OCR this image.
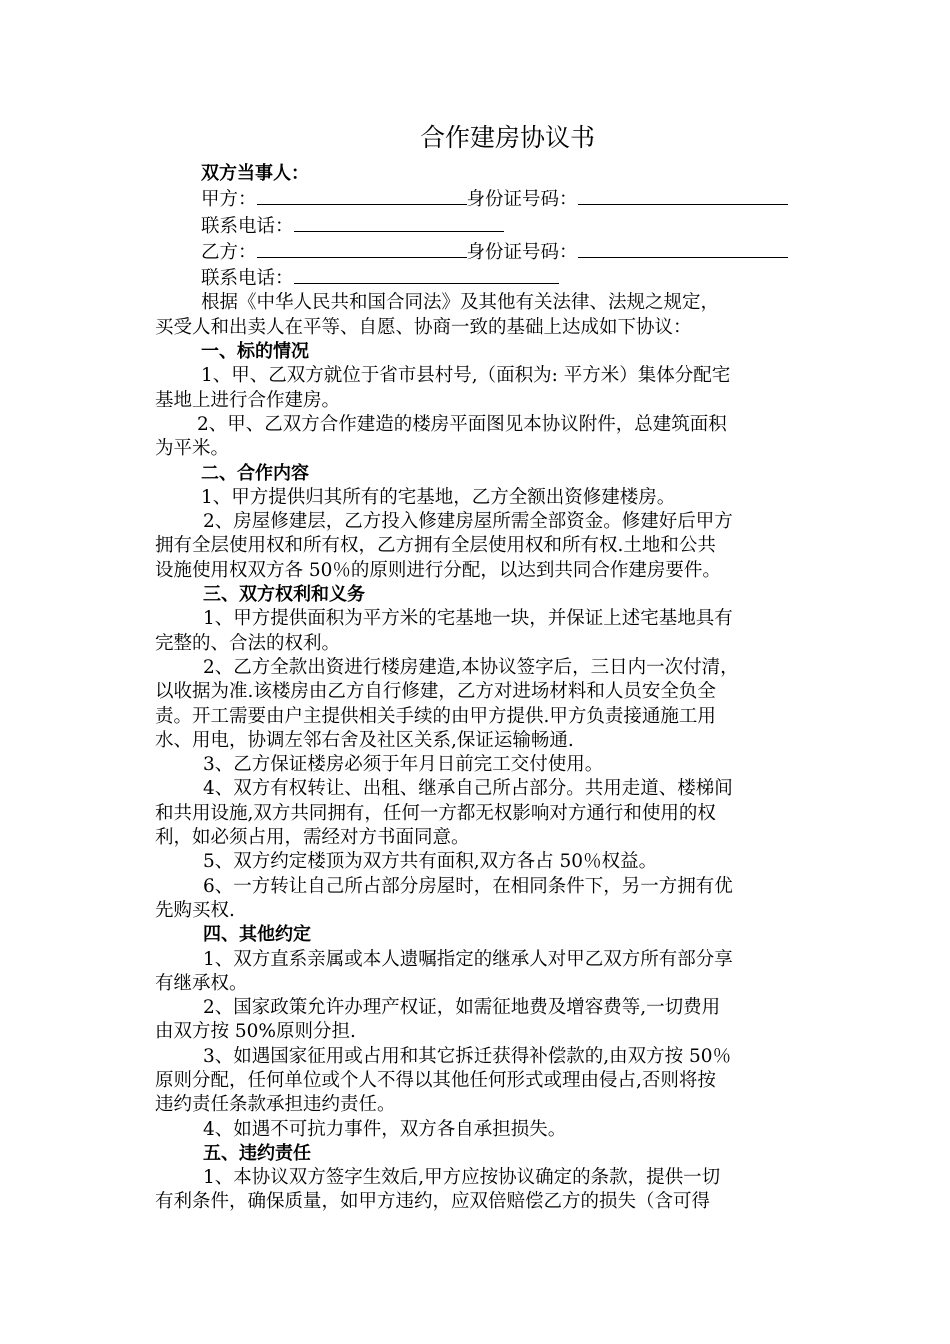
合作建房协议书
双方当事人：
甲方：	身份证号码：
联系电话：
乙方：	身份证号码：
联系电话：
根据《中华人民共和国合同法》及其他有关法律、法规之规定，
买受人和出卖人在平等、自愿、协商一致的基础上达成如下协议：
一、标的情况
1、甲、乙双方就位于省市县村号,（面积为: 平方米）集体分配宅
基地上进行合作建房。
2、甲、乙双方合作建造的楼房平面图见本协议附件，总建筑面积
为平米。
二、合作内容
1、甲方提供归其所有的宅基地，乙方全额出资修建楼房。
2、房屋修建层，乙方投入修建房屋所需全部资金。修建好后甲方
拥有全层使用权和所有权，乙方拥有全层使用权和所有权.土地和公共
设施使用权双方各 50％的原则进行分配，以达到共同合作建房要件。
三、双方权利和义务
1、甲方提供面积为平方米的宅基地一块，并保证上述宅基地具有
完整的、合法的权利。
2、乙方全款出资进行楼房建造,本协议签字后，三日内一次付清，
以收据为准.该楼房由乙方自行修建，乙方对进场材料和人员安全负全
责。开工需要由户主提供相关手续的由甲方提供.甲方负责接通施工用
水、用电，协调左邻右舍及社区关系,保证运输畅通.
3、乙方保证楼房必须于年月日前完工交付使用。
4、双方有权转让、出租、继承自己所占部分。共用走道、楼梯间
和共用设施,双方共同拥有，任何一方都无权影响对方通行和使用的权
利，如必须占用，需经对方书面同意。
5、双方约定楼顶为双方共有面积,双方各占 50％权益。
6、一方转让自己所占部分房屋时，在相同条件下，另一方拥有优
先购买权.
四、其他约定
1、双方直系亲属或本人遗嘱指定的继承人对甲乙双方所有部分享
有继承权。
2、国家政策允许办理产权证，如需征地费及增容费等,一切费用
由双方按 50%原则分担.
3、如遇国家征用或占用和其它拆迁获得补偿款的,由双方按 50％
原则分配，任何单位或个人不得以其他任何形式或理由侵占,否则将按
违约责任条款承担违约责任。
4、如遇不可抗力事件，双方各自承担损失。
五、违约责任
1、本协议双方签字生效后,甲方应按协议确定的条款，提供一切
有利条件，确保质量，如甲方违约，应双倍赔偿乙方的损失（含可得
